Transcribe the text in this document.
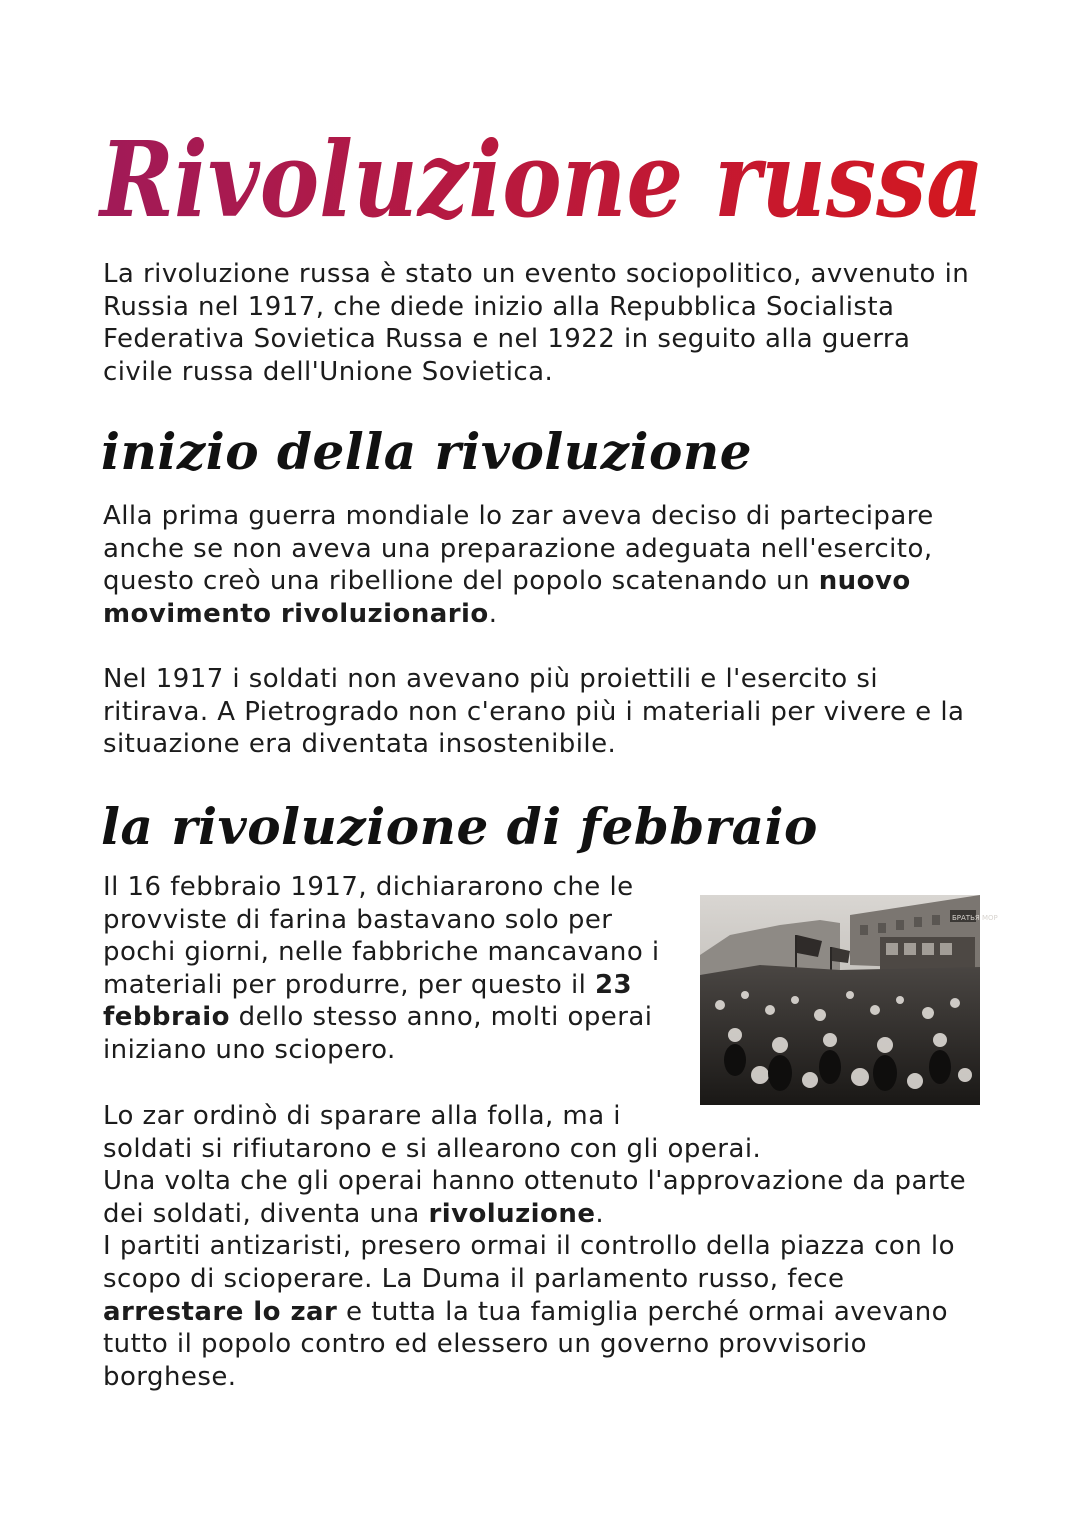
Rivoluzione russa

La rivoluzione russa è stato un evento sociopolitico, avvenuto in Russia nel 1917, che diede inizio alla Repubblica Socialista Federativa Sovietica Russa e nel 1922 in seguito alla guerra civile russa dell'Unione Sovietica.

inizio della rivoluzione

Alla prima guerra mondiale lo zar aveva deciso di partecipare anche se non aveva una preparazione adeguata nell'esercito, questo creò una ribellione del popolo scatenando un nuovo movimento rivoluzionario.

Nel 1917 i soldati non avevano più proiettili e l'esercito si ritirava. A Pietrogrado non c'erano più i materiali per vivere e la situazione era diventata insostenibile.

la rivoluzione di febbraio

Il 16 febbraio 1917, dichiararono che le provviste di farina bastavano solo per pochi giorni, nelle fabbriche mancavano i materiali per produrre, per questo il 23 febbraio dello stesso anno, molti operai iniziano uno sciopero.

БРАТЬЯ МОР

Lo zar ordinò di sparare alla folla, ma i
soldati si rifiutarono e si allearono con gli operai.
Una volta che gli operai hanno ottenuto l'approvazione da parte dei soldati, diventa una rivoluzione.
I partiti antizaristi, presero ormai il controllo della piazza con lo scopo di scioperare. La Duma il parlamento russo, fece arrestare lo zar e tutta la tua famiglia perché ormai avevano tutto il popolo contro ed elessero un governo provvisorio borghese.
